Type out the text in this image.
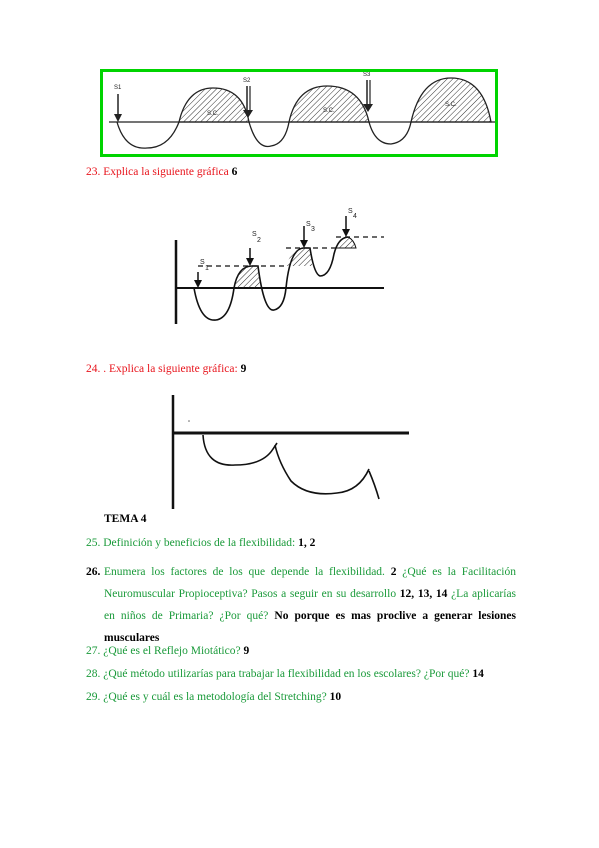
S1
S2
S3
S.C.	S.C.
S.C.
23. Explica la siguiente gráfica 6
S
1
S
2
S
3
S
4
24. . Explica la siguiente gráfica: 9
TEMA 4
25. Definición y beneficios de la flexibilidad: 1, 2
26. Enumera los factores de los que depende la flexibilidad. 2 ¿Qué es la Facilitación Neuromuscular Propioceptiva? Pasos a seguir en su desarrollo 12, 13, 14 ¿La aplicarías en niños de Primaria? ¿Por qué? No porque es mas proclive a generar lesiones musculares
27. ¿Qué es el Reflejo Miotático? 9
28. ¿Qué método utilizarías para trabajar la flexibilidad en los escolares? ¿Por qué? 14
29. ¿Qué es y cuál es la metodología del Stretching? 10
